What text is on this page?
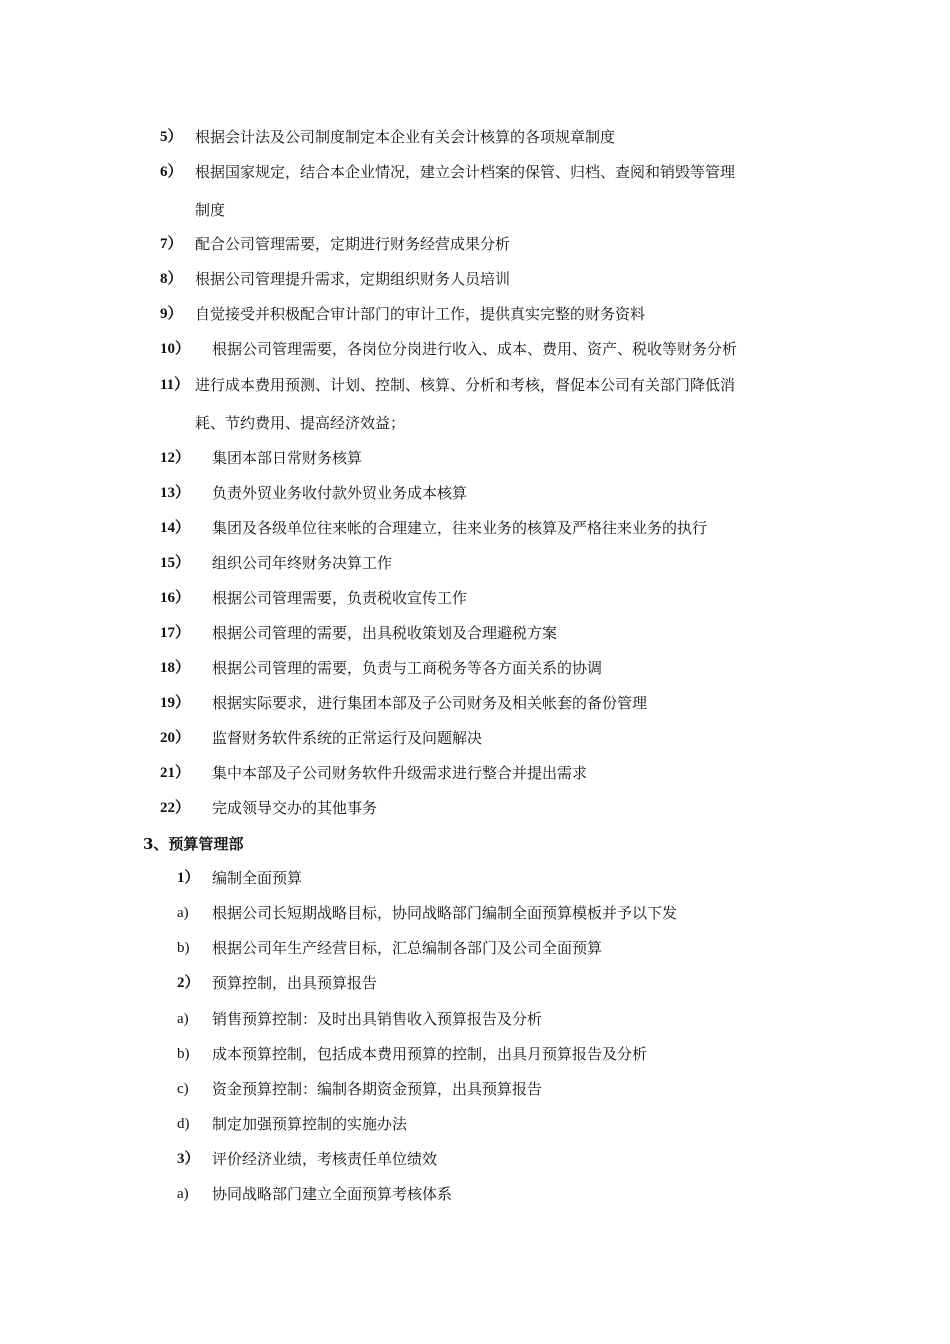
5） 根据会计法及公司制度制定本企业有关会计核算的各项规章制度
6） 根据国家规定，结合本企业情况，建立会计档案的保管、归档、查阅和销毁等管理
制度
7） 配合公司管理需要，定期进行财务经营成果分析
8） 根据公司管理提升需求，定期组织财务人员培训
9） 自觉接受并积极配合审计部门的审计工作，提供真实完整的财务资料
10） 根据公司管理需要，各岗位分岗进行收入、成本、费用、资产、税收等财务分析
11） 进行成本费用预测、计划、控制、核算、分析和考核，督促本公司有关部门降低消
耗、节约费用、提高经济效益；
12） 集团本部日常财务核算
13） 负责外贸业务收付款外贸业务成本核算
14） 集团及各级单位往来帐的合理建立，往来业务的核算及严格往来业务的执行
15） 组织公司年终财务决算工作
16） 根据公司管理需要，负责税收宣传工作
17） 根据公司管理的需要，出具税收策划及合理避税方案
18） 根据公司管理的需要，负责与工商税务等各方面关系的协调
19） 根据实际要求，进行集团本部及子公司财务及相关帐套的备份管理
20） 监督财务软件系统的正常运行及问题解决
21） 集中本部及子公司财务软件升级需求进行整合并提出需求
22） 完成领导交办的其他事务
3、预算管理部
1） 编制全面预算
a) 根据公司长短期战略目标，协同战略部门编制全面预算模板并予以下发
b) 根据公司年生产经营目标，汇总编制各部门及公司全面预算
2） 预算控制，出具预算报告
a) 销售预算控制：及时出具销售收入预算报告及分析
b) 成本预算控制，包括成本费用预算的控制，出具月预算报告及分析
c) 资金预算控制：编制各期资金预算，出具预算报告
d) 制定加强预算控制的实施办法
3） 评价经济业绩，考核责任单位绩效
a) 协同战略部门建立全面预算考核体系
